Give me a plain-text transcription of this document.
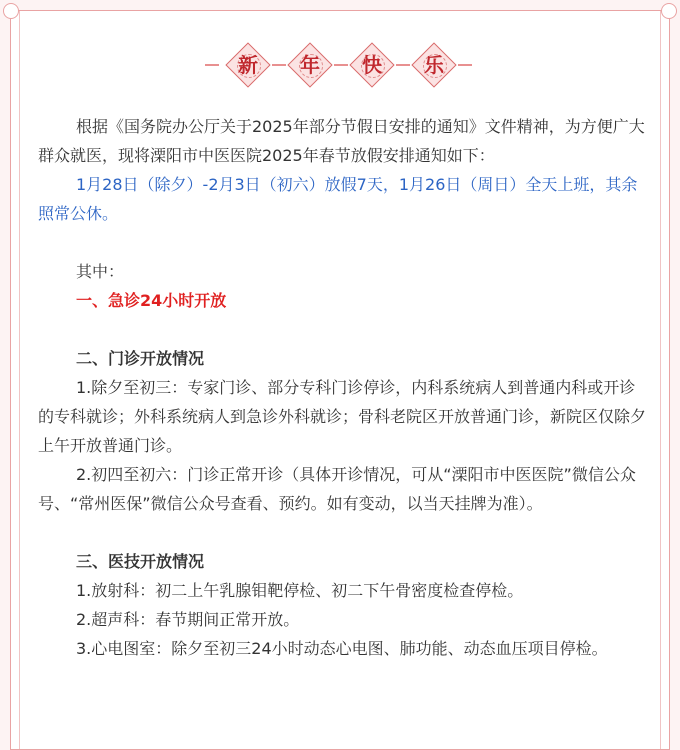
新	年	快	乐

根据《国务院办公厅关于2025年部分节假日安排的通知》文件精神，为方便广大群众就医，现将溧阳市中医医院2025年春节放假安排通知如下：

1月28日（除夕）-2月3日（初六）放假7天，1月26日（周日）全天上班，其余照常公休。

其中：

一、急诊24小时开放

二、门诊开放情况

1.除夕至初三：专家门诊、部分专科门诊停诊，内科系统病人到普通内科或开诊的专科就诊；外科系统病人到急诊外科就诊；骨科老院区开放普通门诊，新院区仅除夕上午开放普通门诊。

2.初四至初六：门诊正常开诊（具体开诊情况，可从“溧阳市中医医院”微信公众号、“常州医保”微信公众号查看、预约。如有变动，以当天挂牌为准）。

三、医技开放情况

1.放射科：初二上午乳腺钼靶停检、初二下午骨密度检查停检。

2.超声科：春节期间正常开放。

3.心电图室：除夕至初三24小时动态心电图、肺功能、动态血压项目停检。
